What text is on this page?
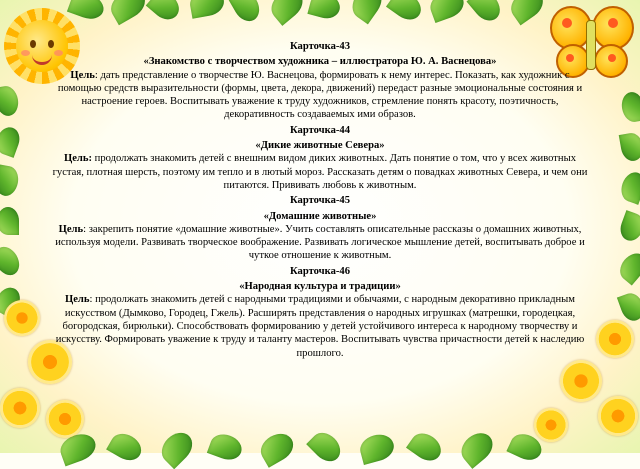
Карточка-43

«Знакомство с творчеством художника – иллюстратора Ю. А. Васнецова»

Цель: дать представление о творчестве Ю. Васнецова, формировать к нему интерес. Показать, как художник с помощью средств выразительности (формы, цвета, декора, движений) передаст разные эмоциональные состояния и настроение героев. Воспитывать уважение к труду художников, стремление понять красоту, поэтичность, декоративность создаваемых ими образов.

Карточка-44

«Дикие животные Севера»

Цель: продолжать знакомить детей с внешним видом диких животных. Дать понятие о том, что у всех животных густая, плотная шерсть, поэтому им тепло и в лютый мороз. Рассказать детям о повадках животных Севера, и чем они питаются. Прививать любовь к животным.

Карточка-45

«Домашние животные»

Цель: закрепить понятие «домашние животные». Учить составлять описательные рассказы о домашних животных, используя модели. Развивать творческое воображение. Развивать логическое мышление детей, воспитывать доброе и чуткое отношение к животным.

Карточка-46

«Народная культура и традиции»

Цель: продолжать знакомить детей с народными традициями и обычаями, с народным декоративно прикладным искусством (Дымково, Городец, Гжель). Расширять представления о народных игрушках (матрешки, городецкая, богородская, бирюльки). Способствовать формированию у детей устойчивого интереса к народному творчеству и искусству. Формировать уважение к труду и таланту мастеров. Воспитывать чувства причастности детей к наследию прошлого.
